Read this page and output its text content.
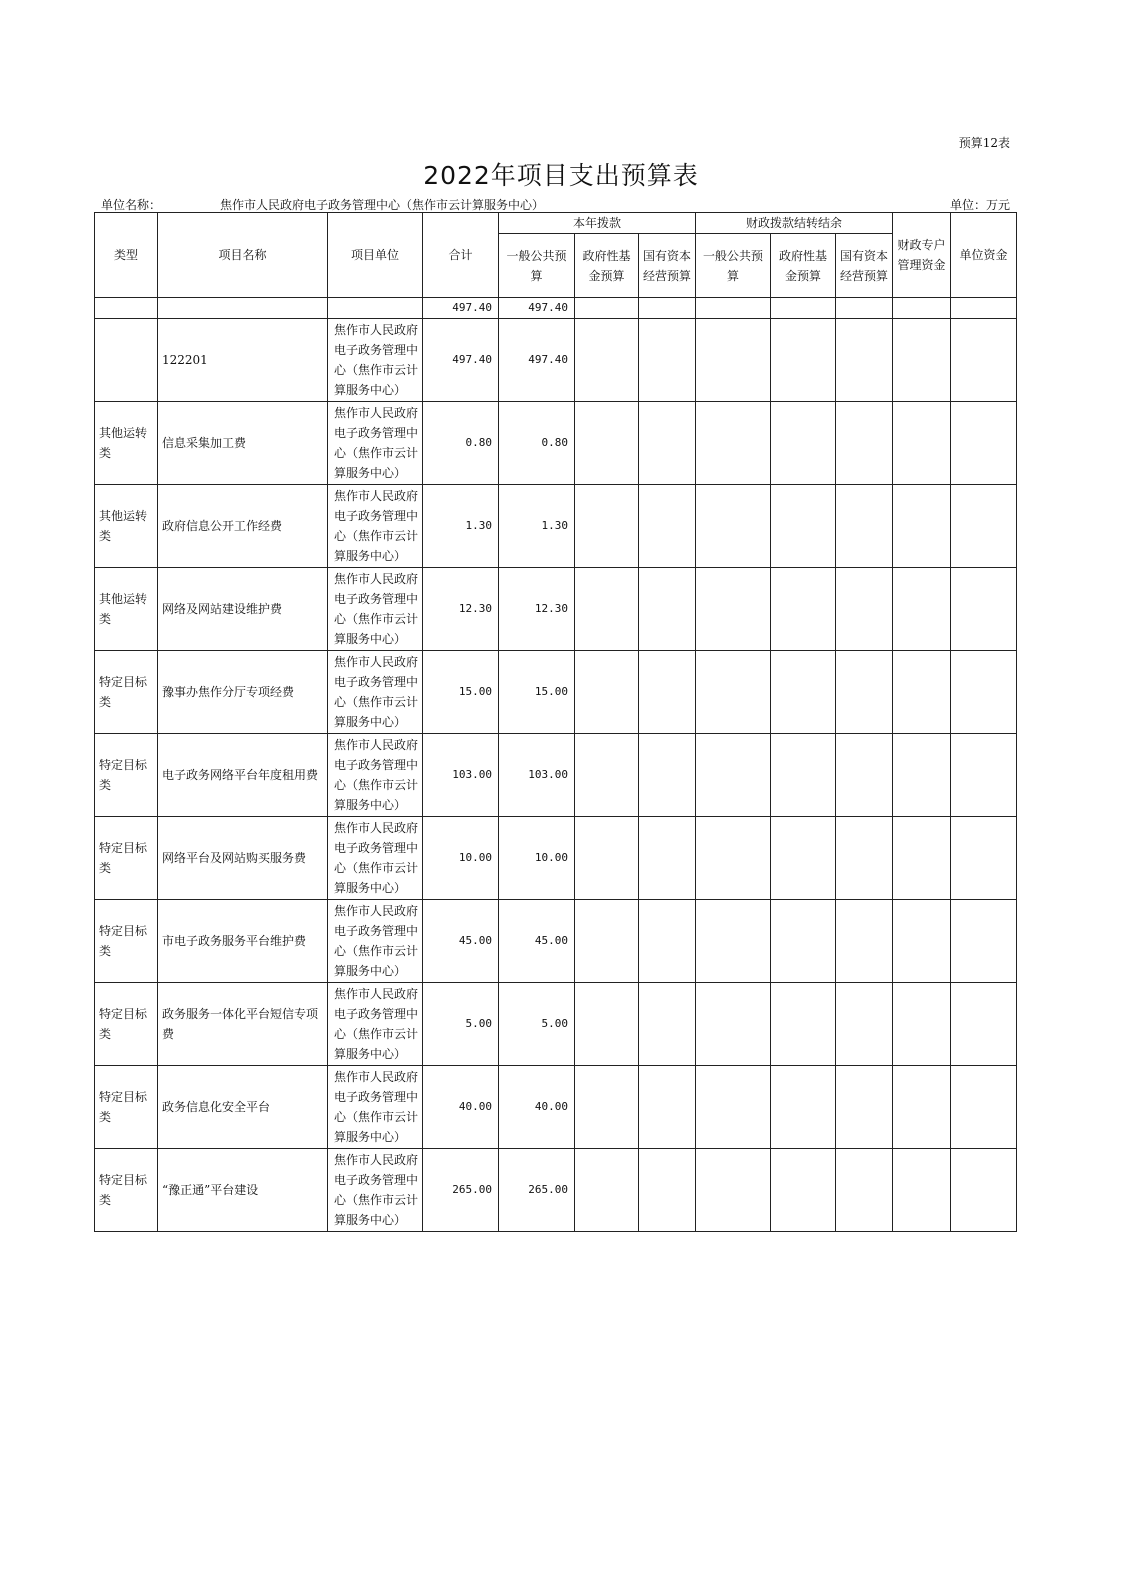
预算12表
2022年项目支出预算表
单位名称：	焦作市人民政府电子政务管理中心（焦作市云计算服务中心）	单位：万元
类型	项目名称	项目单位	合计	本年拨款			财政拨款结转结余			财政专户管理资金	单位资金
				一般公共预算	政府性基金预算	国有资本经营预算	一般公共预算	政府性基金预算	国有资本经营预算		
			497.40	497.40							
	122201	焦作市人民政府电子政务管理中心（焦作市云计算服务中心）	497.40	497.40							
其他运转类	信息采集加工费	焦作市人民政府电子政务管理中心（焦作市云计算服务中心）	0.80	0.80							
其他运转类	政府信息公开工作经费	焦作市人民政府电子政务管理中心（焦作市云计算服务中心）	1.30	1.30							
其他运转类	网络及网站建设维护费	焦作市人民政府电子政务管理中心（焦作市云计算服务中心）	12.30	12.30							
特定目标类	豫事办焦作分厅专项经费	焦作市人民政府电子政务管理中心（焦作市云计算服务中心）	15.00	15.00							
特定目标类	电子政务网络平台年度租用费	焦作市人民政府电子政务管理中心（焦作市云计算服务中心）	103.00	103.00							
特定目标类	网络平台及网站购买服务费	焦作市人民政府电子政务管理中心（焦作市云计算服务中心）	10.00	10.00							
特定目标类	市电子政务服务平台维护费	焦作市人民政府电子政务管理中心（焦作市云计算服务中心）	45.00	45.00							
特定目标类	政务服务一体化平台短信专项费	焦作市人民政府电子政务管理中心（焦作市云计算服务中心）	5.00	5.00							
特定目标类	政务信息化安全平台	焦作市人民政府电子政务管理中心（焦作市云计算服务中心）	40.00	40.00							
特定目标类	“豫正通”平台建设	焦作市人民政府电子政务管理中心（焦作市云计算服务中心）	265.00	265.00							
